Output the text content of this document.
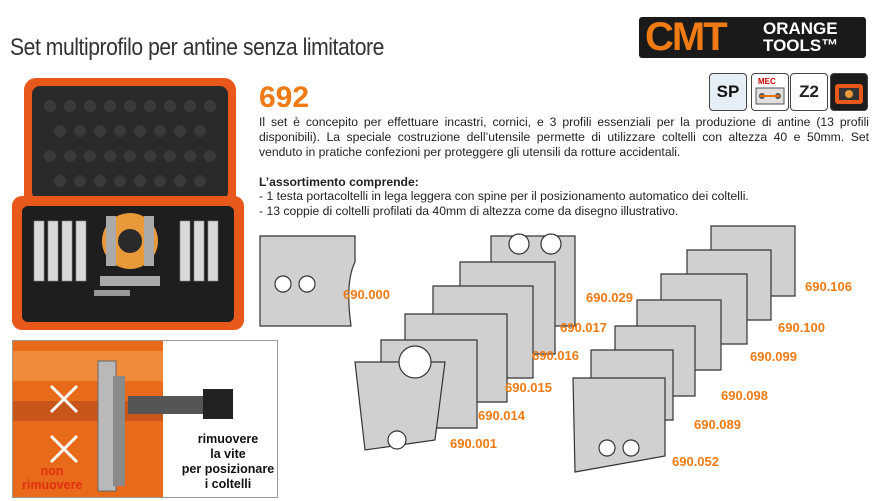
Set multiprofilo per antine senza limitatore	CMT ORANGE
TOOLS™
non
rimuovere
rimuovere
la vite
per posizionare
i coltelli
692	SP
MEC
Z2
Il set è concepito per effettuare incastri, cornici, e 3 profili essenziali per la produzione di antine (13 profili disponibili). La speciale costruzione dell’utensile permette di utilizzare coltelli con altezza 40 e 50mm. Set venduto in pratiche confezioni per proteggere gli utensili da rotture accidentali.
L’assortimento comprende:
- 1 testa portacoltelli in lega leggera con spine per il posizionamento automatico dei coltelli.
- 13 coppie di coltelli profilati da 40mm di altezza come da disegno illustrativo.
690.000	690.029
690.017
690.016
690.015
690.014
690.001
690.106
690.100
690.099
690.098
690.089
690.052
